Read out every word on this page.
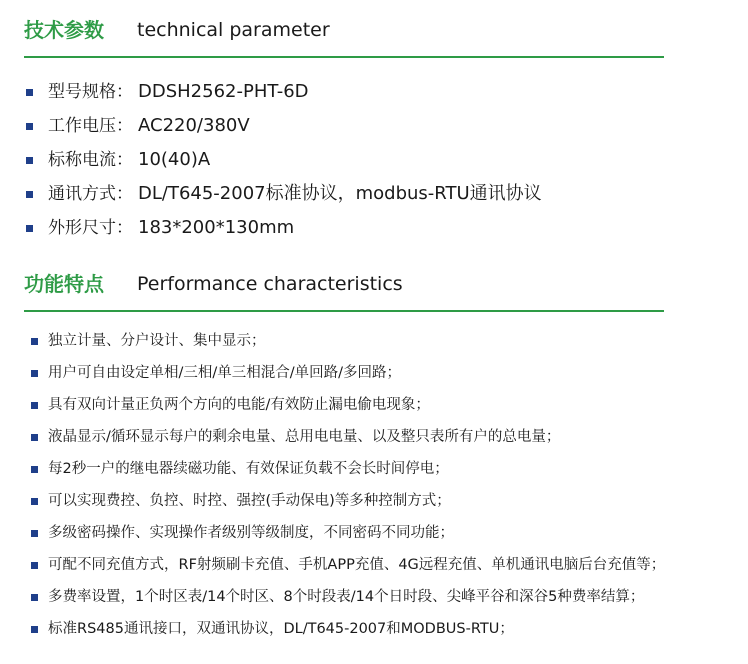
技术参数 technical parameter
型号规格： DDSH2562-PHT-6D
工作电压： AC220/380V
标称电流： 10(40)A
通讯方式： DL/T645-2007标准协议，modbus-RTU通讯协议
外形尺寸： 183*200*130mm
功能特点 Performance characteristics
独立计量、分户设计、集中显示；
用户可自由设定单相/三相/单三相混合/单回路/多回路；
具有双向计量正负两个方向的电能/有效防止漏电偷电现象；
液晶显示/循环显示每户的剩余电量、总用电电量、以及整只表所有户的总电量；
每2秒一户的继电器续磁功能、有效保证负载不会长时间停电；
可以实现费控、负控、时控、强控(手动保电)等多种控制方式；
多级密码操作、实现操作者级别等级制度，不同密码不同功能；
可配不同充值方式，RF射频刷卡充值、手机APP充值、4G远程充值、单机通讯电脑后台充值等；
多费率设置，1个时区表/14个时区、8个时段表/14个日时段、尖峰平谷和深谷5种费率结算；
标准RS485通讯接口，双通讯协议，DL/T645-2007和MODBUS-RTU；
